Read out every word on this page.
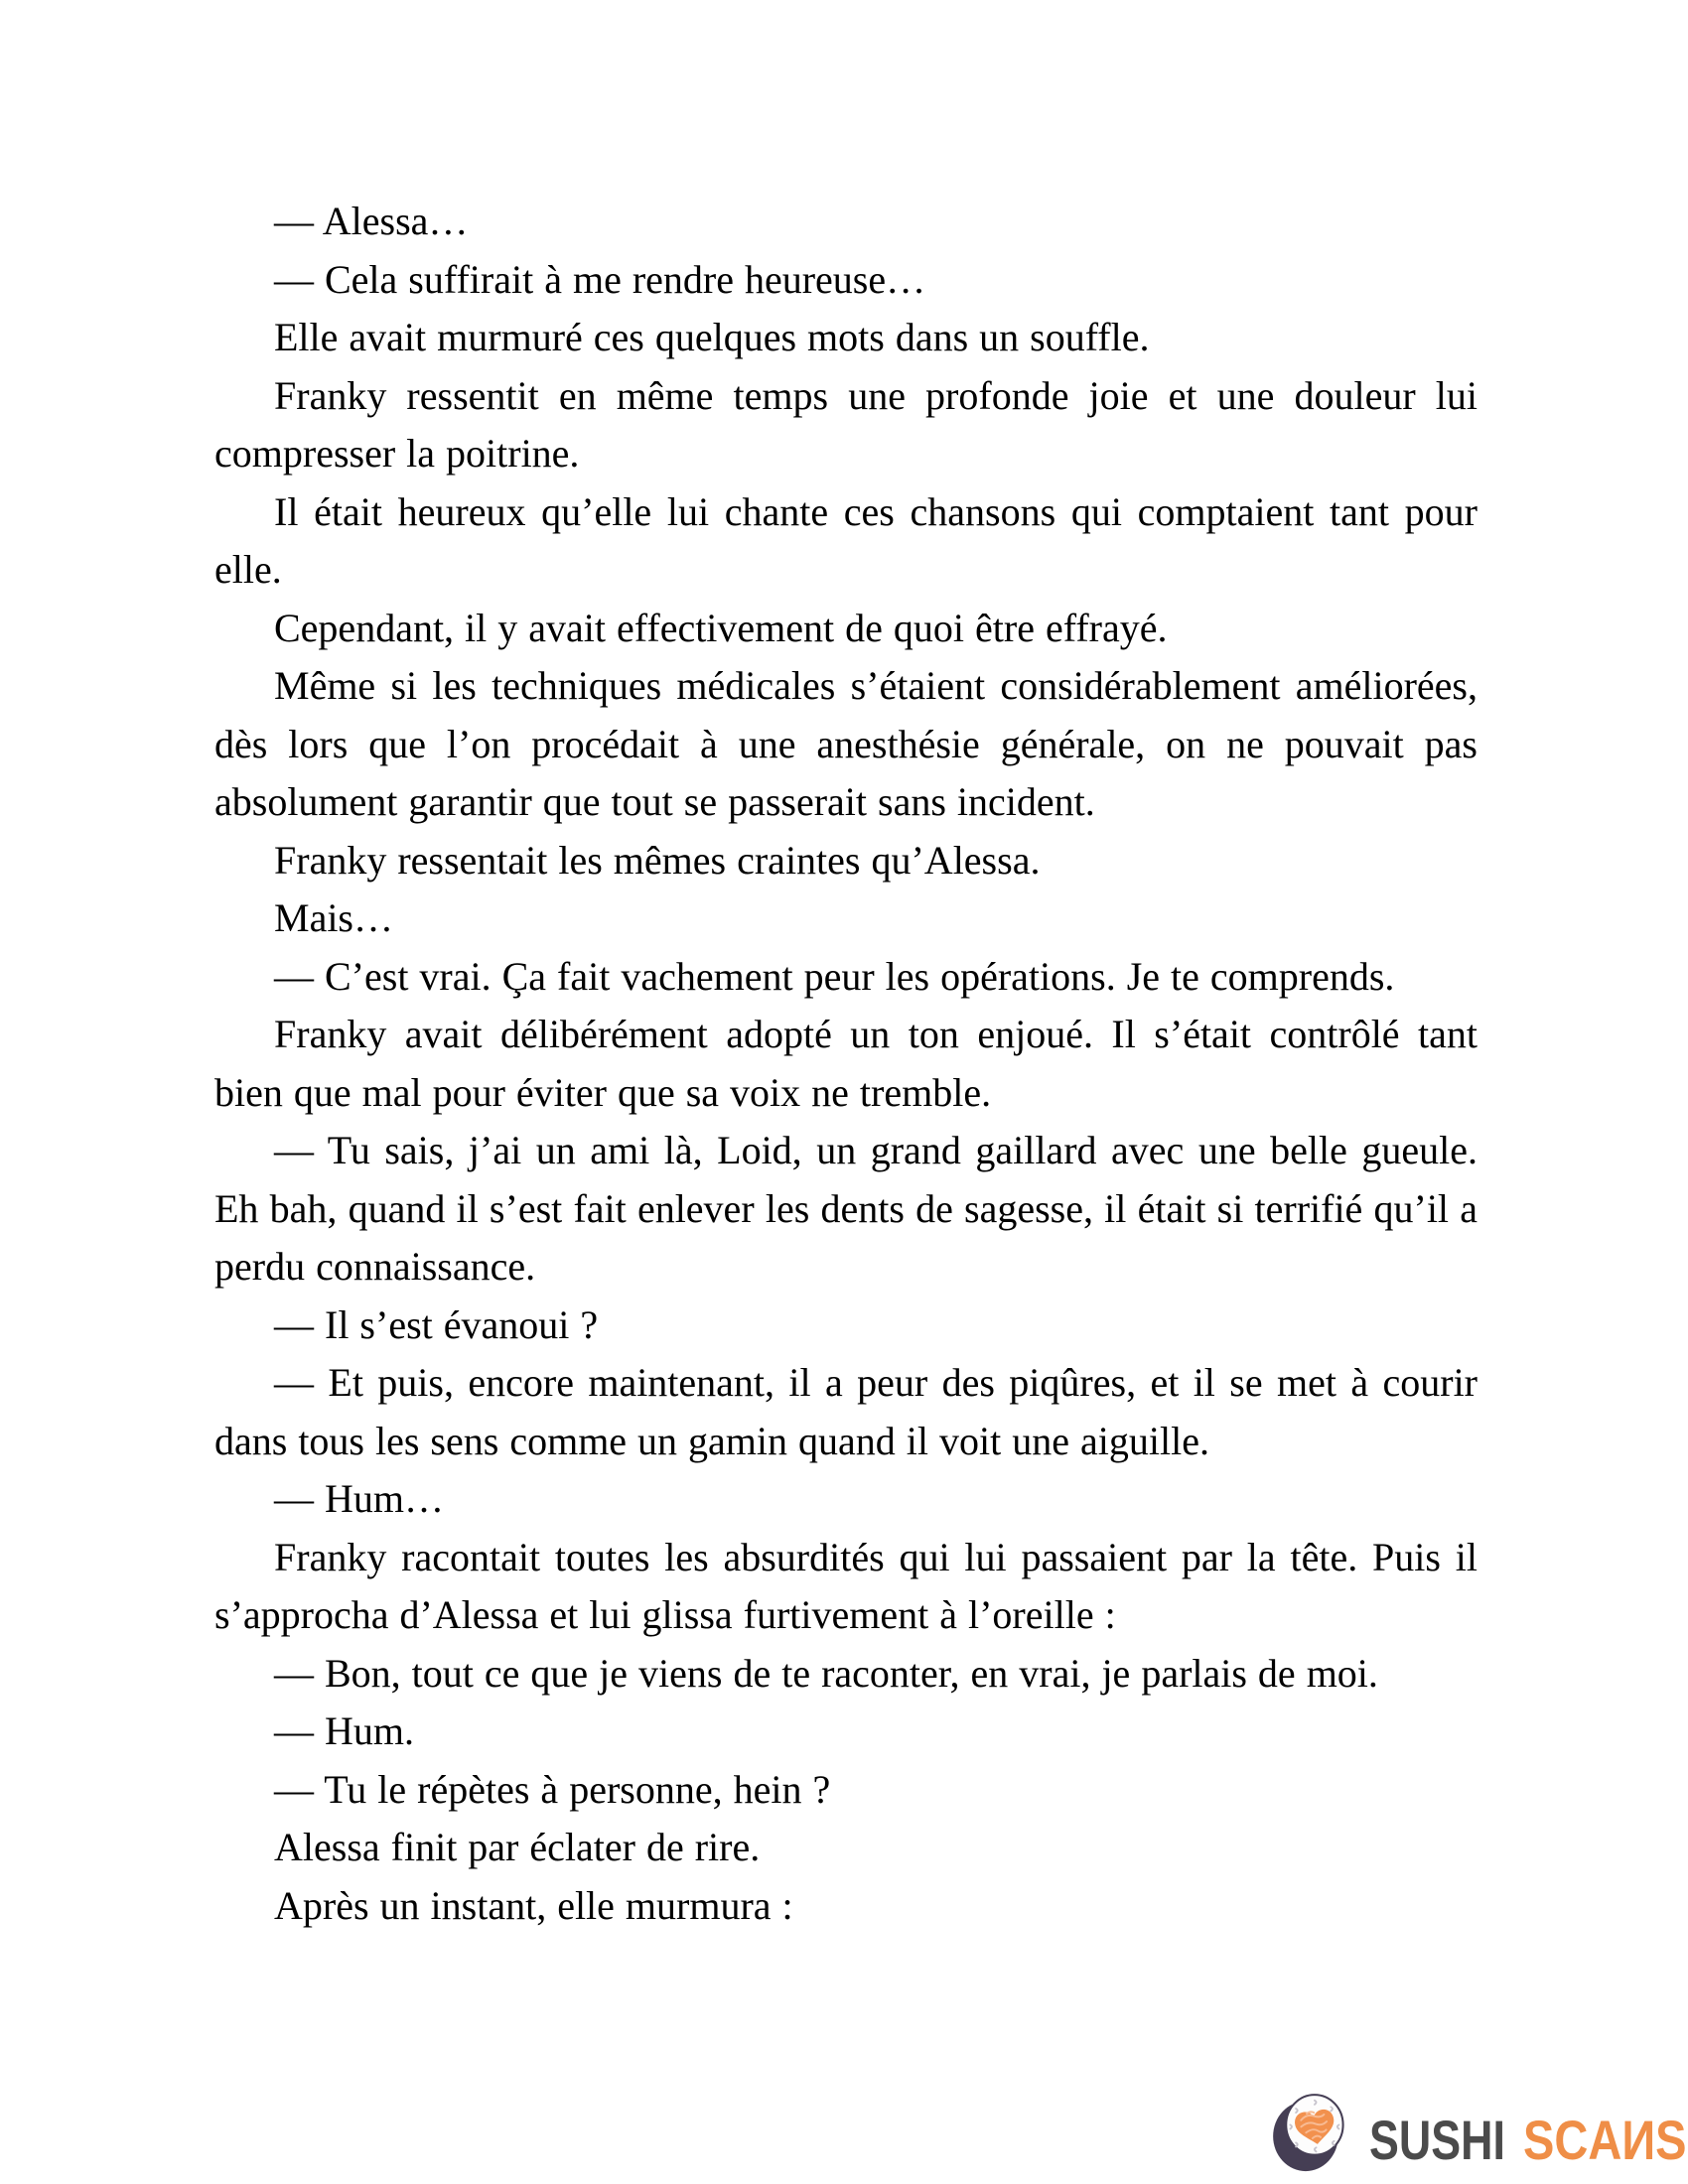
— Alessa…

— Cela suffirait à me rendre heureuse…

Elle avait murmuré ces quelques mots dans un souffle.

Franky ressentit en même temps une profonde joie et une douleur lui compresser la poitrine.

Il était heureux qu’elle lui chante ces chansons qui comptaient tant pour elle.

Cependant, il y avait effectivement de quoi être effrayé.

Même si les techniques médicales s’étaient considérablement améliorées, dès lors que l’on procédait à une anesthésie générale, on ne pouvait pas absolument garantir que tout se passerait sans incident.

Franky ressentait les mêmes craintes qu’Alessa.

Mais…

— C’est vrai. Ça fait vachement peur les opérations. Je te comprends.

Franky avait délibérément adopté un ton enjoué. Il s’était contrôlé tant bien que mal pour éviter que sa voix ne tremble.

— Tu sais, j’ai un ami là, Loid, un grand gaillard avec une belle gueule. Eh bah, quand il s’est fait enlever les dents de sagesse, il était si terrifié qu’il a perdu connaissance.

— Il s’est évanoui ?

— Et puis, encore maintenant, il a peur des piqûres, et il se met à courir dans tous les sens comme un gamin quand il voit une aiguille.

— Hum…

Franky racontait toutes les absurdités qui lui passaient par la tête. Puis il s’approcha d’Alessa et lui glissa furtivement à l’oreille :

— Bon, tout ce que je viens de te raconter, en vrai, je parlais de moi.

— Hum.

— Tu le répètes à personne, hein ?

Alessa finit par éclater de rire.

Après un instant, elle murmura :

SUSHI SCAИS
